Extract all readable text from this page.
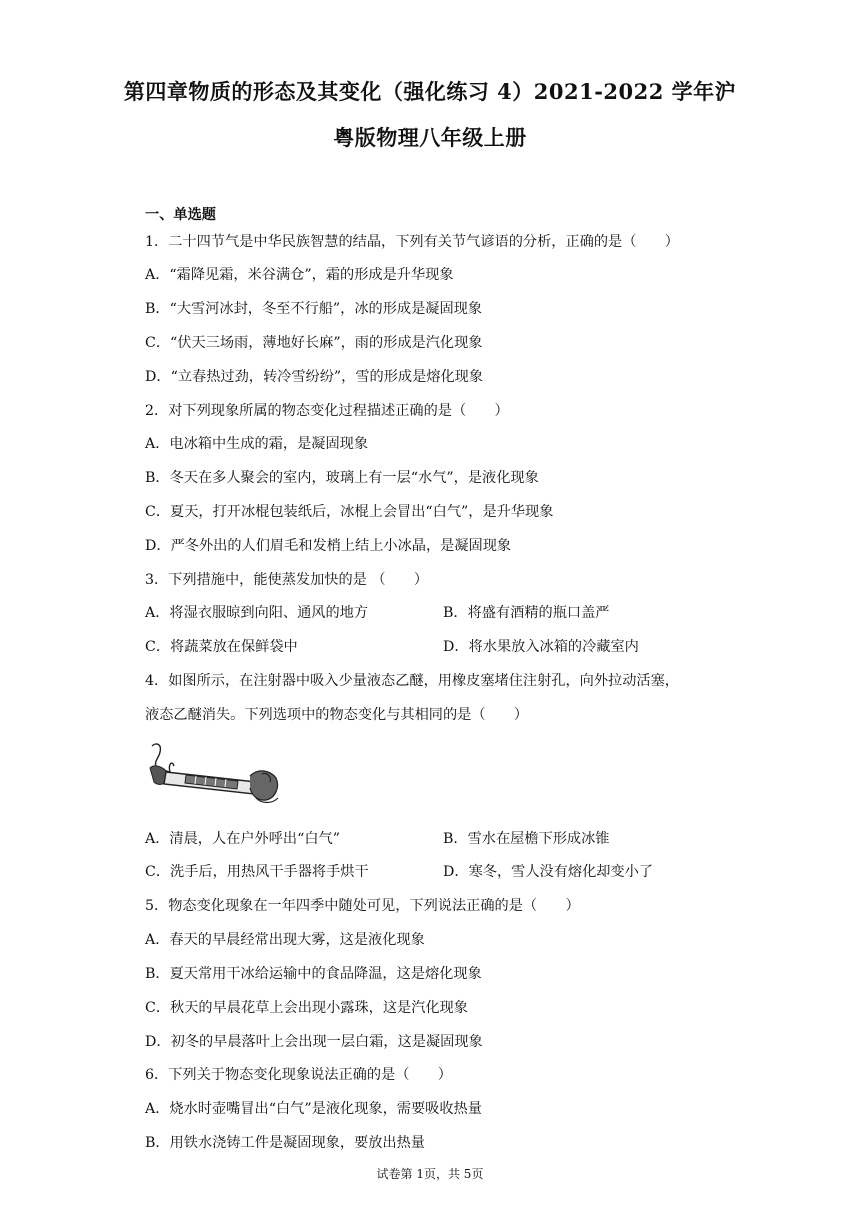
第四章物质的形态及其变化（强化练习 4）2021-2022 学年沪
粤版物理八年级上册
一、单选题
1．二十四节气是中华民族智慧的结晶，下列有关节气谚语的分析，正确的是（　　）
A．“霜降见霜，米谷满仓”，霜的形成是升华现象
B．“大雪河冰封，冬至不行船”，冰的形成是凝固现象
C．“伏天三场雨，薄地好长麻”，雨的形成是汽化现象
D．“立春热过劲，转冷雪纷纷”，雪的形成是熔化现象
2．对下列现象所属的物态变化过程描述正确的是（　　）
A．电冰箱中生成的霜，是凝固现象
B．冬天在多人聚会的室内，玻璃上有一层“水气”，是液化现象
C．夏天，打开冰棍包装纸后，冰棍上会冒出“白气”，是升华现象
D．严冬外出的人们眉毛和发梢上结上小冰晶，是凝固现象
3．下列措施中，能使蒸发加快的是 （　　）
A．将湿衣服晾到向阳、通风的地方	B．将盛有酒精的瓶口盖严
C．将蔬菜放在保鲜袋中	D．将水果放入冰箱的冷藏室内
4．如图所示，在注射器中吸入少量液态乙醚，用橡皮塞堵住注射孔，向外拉动活塞，
液态乙醚消失。下列选项中的物态变化与其相同的是（　　）
A．清晨，人在户外呼出“白气”	B．雪水在屋檐下形成冰锥
C．洗手后，用热风干手器将手烘干	D．寒冬，雪人没有熔化却变小了
5．物态变化现象在一年四季中随处可见，下列说法正确的是（　　）
A．春天的早晨经常出现大雾，这是液化现象
B．夏天常用干冰给运输中的食品降温，这是熔化现象
C．秋天的早晨花草上会出现小露珠，这是汽化现象
D．初冬的早晨落叶上会出现一层白霜，这是凝固现象
6．下列关于物态变化现象说法正确的是（　　）
A．烧水时壶嘴冒出“白气”是液化现象，需要吸收热量
B．用铁水浇铸工件是凝固现象，要放出热量
试卷第 1页，共 5页
